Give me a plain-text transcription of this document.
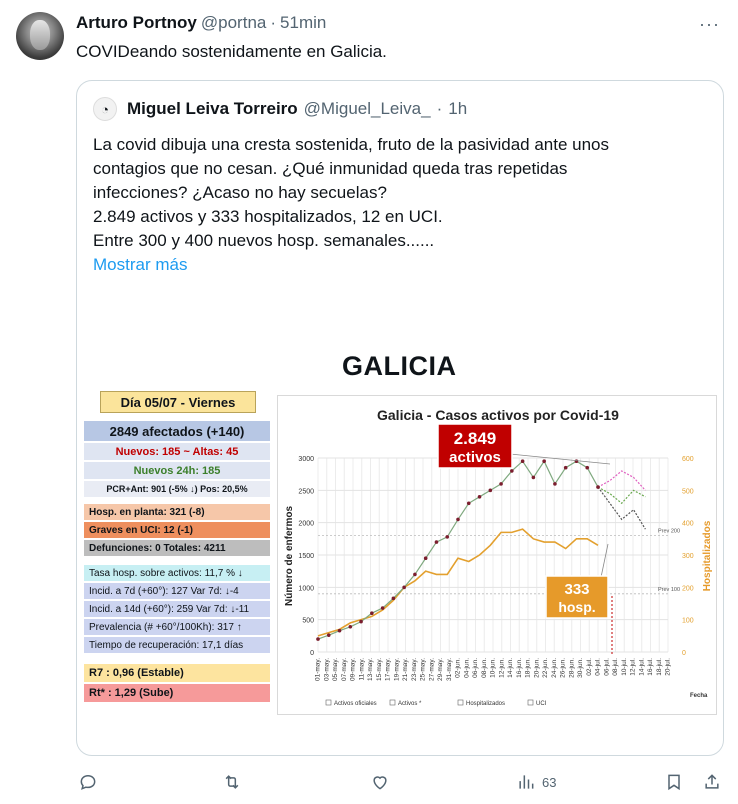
Arturo Portnoy @portna · 51min	···
COVIDeando sostenidamente en Galicia.
◔	Miguel Leiva Torreiro @Miguel_Leiva_ · 1h

La covid dibuja una cresta sostenida, fruto de la pasividad ante unos

contagios que no cesan. ¿Qué inmunidad queda tras repetidas

infecciones? ¿Acaso no hay secuelas?

2.849 activos y 333 hospitalizados, 12 en UCI.

Entre 300 y 400 nuevos hosp. semanales......

Mostrar más

GALICIA
Día 05/07 - Viernes
2849 afectados (+140)
Nuevos: 185 ~ Altas: 45
Nuevos 24h: 185
PCR+Ant: 901 (-5% ↓) Pos: 20,5%
Hosp. en planta: 321 (-8)
Graves en UCI: 12 (-1)
Defunciones: 0 Totales: 4211
Tasa hosp. sobre activos: 11,7 % ↓
Incid. a 7d (+60°): 127 Var 7d: ↓-4
Incid. a 14d (+60°): 259 Var 7d: ↓-11
Prevalencia (# +60°/100Kh): 317 ↑
Tiempo de recuperación: 17,1 días
R7 : 0,96 (Estable)
Rt* : 1,29 (Sube)
Galicia - Casos activos por Covid-19
01-may. 03-may. 05-may. 07-may. 09-may. 11-may. 13-may. 15-may. 17-may. 19-may. 21-may. 23-may. 25-may. 27-may. 29-may. 31-may. 02-jun. 04-jun. 06-jun. 08-jun. 10-jun. 12-jun. 14-jun. 16-jun. 18-jun. 20-jun. 22-jun. 24-jun. 26-jun. 28-jun. 30-jun. 02-jul. 04-jul. 06-jul. 08-jul. 10-jul. 12-jul. 14-jul. 16-jul. 18-jul. 20-jul.
0
500
1000
1500
2000
2500
3000
0
100
200
300
400
500
600
Número de enfermos	Hospitalizados
Prev 200
Prev 100
2.849
activos
333
hosp.
Activos oficiales	Activos *	Hospitalizados	UCI
Fecha
63
